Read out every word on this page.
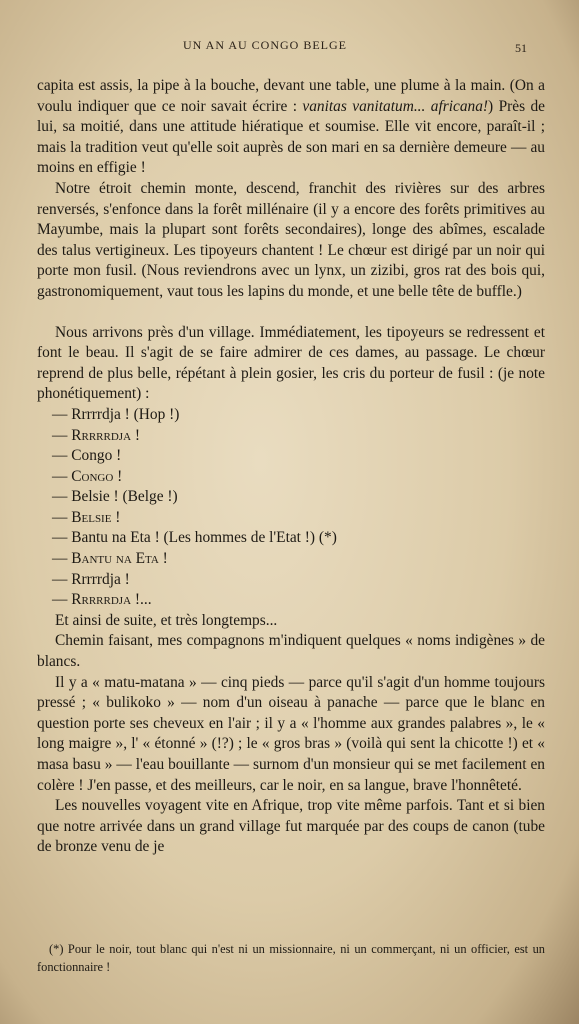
UN AN AU CONGO BELGE	51

capita est assis, la pipe à la bouche, devant une table, une plume à la main. (On a voulu indiquer que ce noir savait écrire : vanitas vanitatum... africana!) Près de lui, sa moitié, dans une attitude hiératique et soumise. Elle vit encore, paraît-il ; mais la tradition veut qu'elle soit auprès de son mari en sa dernière demeure — au moins en effigie !

Notre étroit chemin monte, descend, franchit des rivières sur des arbres renversés, s'enfonce dans la forêt millénaire (il y a encore des forêts primitives au Mayumbe, mais la plupart sont forêts secondaires), longe des abîmes, escalade des talus vertigineux. Les tipoyeurs chantent ! Le chœur est dirigé par un noir qui porte mon fusil. (Nous reviendrons avec un lynx, un zizibi, gros rat des bois qui, gastronomiquement, vaut tous les lapins du monde, et une belle tête de buffle.)

Nous arrivons près d'un village. Immédiatement, les tipoyeurs se redressent et font le beau. Il s'agit de se faire admirer de ces dames, au passage. Le chœur reprend de plus belle, répétant à plein gosier, les cris du porteur de fusil : (je note phonétiquement) :

— Rrrrrdja ! (Hop !)

— Rrrrrdja !

— Congo !

— Congo !

— Belsie ! (Belge !)

— Belsie !

— Bantu na Eta ! (Les hommes de l'Etat !) (*)

— Bantu na Eta !

— Rrrrrdja !

— Rrrrrdja !...

Et ainsi de suite, et très longtemps...

Chemin faisant, mes compagnons m'indiquent quelques « noms indigènes » de blancs.

Il y a « matu-matana » — cinq pieds — parce qu'il s'agit d'un homme toujours pressé ; « bulikoko » — nom d'un oiseau à panache — parce que le blanc en question porte ses cheveux en l'air ; il y a « l'homme aux grandes palabres », le « long maigre », l' « étonné » (!?) ; le « gros bras » (voilà qui sent la chicotte !) et « masa basu » — l'eau bouillante — surnom d'un monsieur qui se met facilement en colère ! J'en passe, et des meilleurs, car le noir, en sa langue, brave l'honnêteté.

Les nouvelles voyagent vite en Afrique, trop vite même parfois. Tant et si bien que notre arrivée dans un grand village fut marquée par des coups de canon (tube de bronze venu de je

(*) Pour le noir, tout blanc qui n'est ni un missionnaire, ni un commerçant, ni un officier, est un fonctionnaire !
